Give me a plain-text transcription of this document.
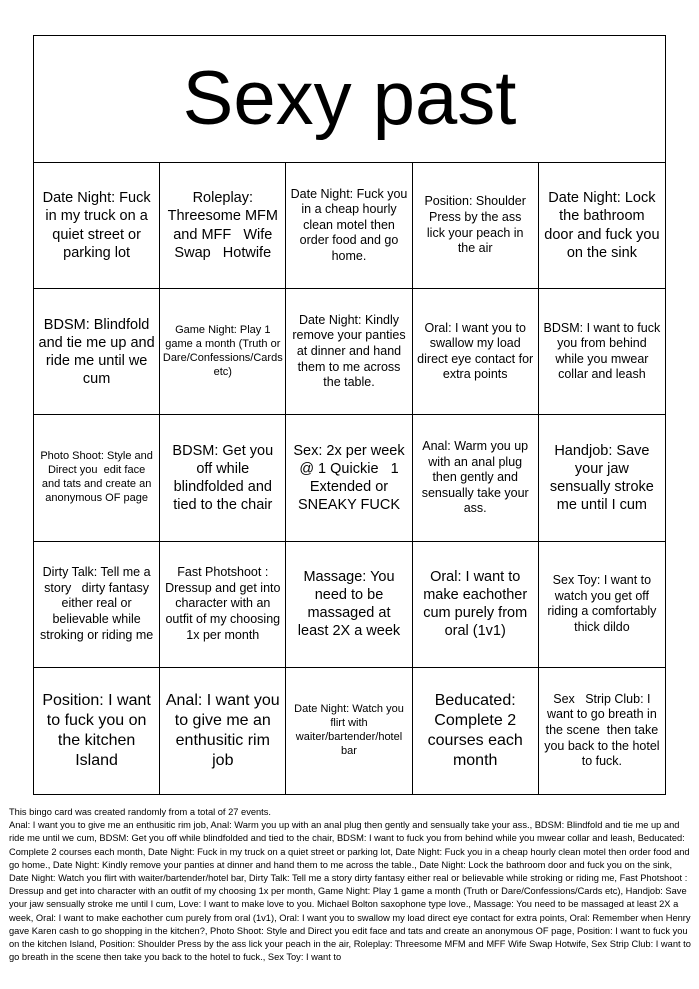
Sexy past
Date Night: Fuck in my truck on a quiet street or parking lot
Roleplay: Threesome MFM and MFF   Wife Swap   Hotwife
Date Night: Fuck you in a cheap hourly clean motel then order food and go home.
Position: Shoulder Press by the ass  lick your peach in the air
Date Night: Lock the bathroom door and fuck you on the sink
BDSM: Blindfold and tie me up and ride me until we cum
Game Night: Play 1 game a month (Truth or Dare/Confessions/Cards etc)
Date Night: Kindly remove your panties at dinner and hand them to me across the table.
Oral: I want you to swallow my load   direct eye contact for extra points
BDSM: I want to fuck you from behind while you mwear collar and leash
Photo Shoot: Style and Direct you  edit face and tats and create an anonymous OF page
BDSM: Get you off while blindfolded and tied to the chair
Sex: 2x per week @ 1 Quickie   1 Extended or SNEAKY FUCK
Anal: Warm you up with an anal plug   then gently and sensually take your ass.
Handjob: Save your jaw   sensually stroke me until I cum
Dirty Talk: Tell me a story   dirty fantasy either real or believable while stroking or riding me
Fast Photshoot : Dressup and get into character with an outfit of my choosing 1x per month
Massage: You need to be massaged at least 2X a week
Oral: I want to make eachother cum purely from oral (1v1)
Sex Toy: I want to watch you get off riding a comfortably thick dildo
Position: I want to fuck you on the kitchen Island
Anal: I want you to give me an enthusitic rim job
Date Night: Watch you flirt with waiter/bartender/hotel bar
Beducated: Complete 2 courses each month
Sex   Strip Club: I want to go breath in the scene  then take you back to the hotel to fuck.

This bingo card was created randomly from a total of 27 events.

Anal: I want you to give me an enthusitic rim job, Anal: Warm you up with an anal plug then gently and sensually take your ass., BDSM: Blindfold and tie me up and ride me until we cum, BDSM: Get you off while blindfolded and tied to the chair, BDSM: I want to fuck you from behind while you mwear collar and leash, Beducated: Complete 2 courses each month, Date Night: Fuck in my truck on a quiet street or parking lot, Date Night: Fuck you in a cheap hourly clean motel then order food and go home., Date Night: Kindly remove your panties at dinner and hand them to me across the table., Date Night: Lock the bathroom door and fuck you on the sink, Date Night: Watch you flirt with waiter/bartender/hotel bar, Dirty Talk: Tell me a story dirty fantasy either real or believable while stroking or riding me, Fast Photshoot : Dressup and get into character with an outfit of my choosing 1x per month, Game Night: Play 1 game a month (Truth or Dare/Confessions/Cards etc), Handjob: Save your jaw sensually stroke me until I cum, Love: I want to make love to you. Michael Bolton saxophone type love., Massage: You need to be massaged at least 2X a week, Oral: I want to make eachother cum purely from oral (1v1), Oral: I want you to swallow my load direct eye contact for extra points, Oral: Remember when Henry gave Karen cash to go shopping in the kitchen?, Photo Shoot: Style and Direct you edit face and tats and create an anonymous OF page, Position: I want to fuck you on the kitchen Island, Position: Shoulder Press by the ass lick your peach in the air, Roleplay: Threesome MFM and MFF Wife Swap Hotwife, Sex Strip Club: I want to go breath in the scene then take you back to the hotel to fuck., Sex Toy: I want to
